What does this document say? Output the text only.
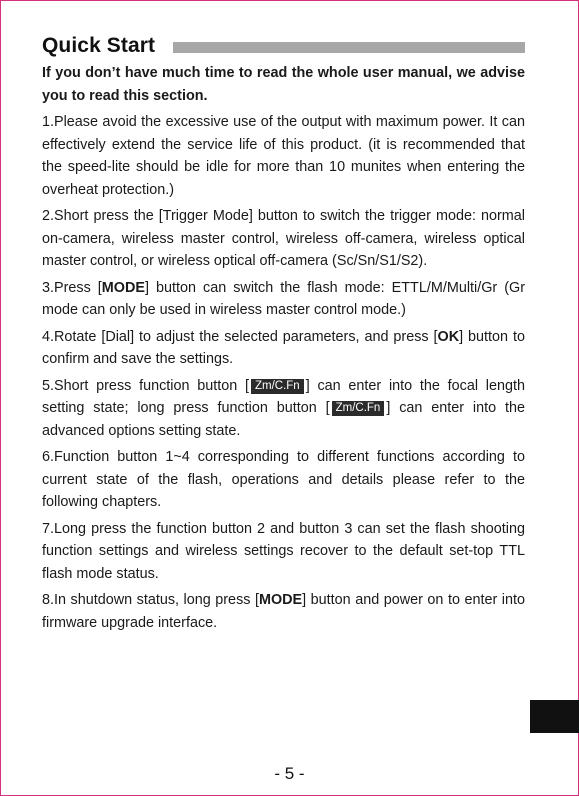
Quick Start

If you don’t have much time to read the whole user manual, we advise you to read this section.

1.Please avoid the excessive use of the output with maximum power. It can effectively extend the service life of this product. (it is recommended that the speed-lite should be idle for more than 10 munites when entering the overheat protection.)

2.Short press the [Trigger Mode] button to switch the trigger mode: normal on-camera, wireless master control, wireless off-camera, wireless optical master control, or wireless optical off-camera (Sc/Sn/S1/S2).

3.Press [MODE] button can switch the flash mode: ETTL/M/Multi/Gr (Gr mode can only be used in wireless master control mode.)

4.Rotate [Dial] to adjust the selected parameters, and press [OK] button to confirm and save the settings.

5.Short press function button [ Zm/C.Fn ] can enter into the focal length setting state; long press function button [ Zm/C.Fn ] can enter into the advanced options setting state.

6.Function button 1~4 corresponding to different functions according to current state of the flash, operations and details please refer to the following chapters.

7.Long press the function button 2 and button 3 can set the flash shooting function settings and wireless settings recover to the default set-top TTL flash mode status.

8.In shutdown status, long press [MODE] button and power on to enter into firmware upgrade interface.

- 5 -
